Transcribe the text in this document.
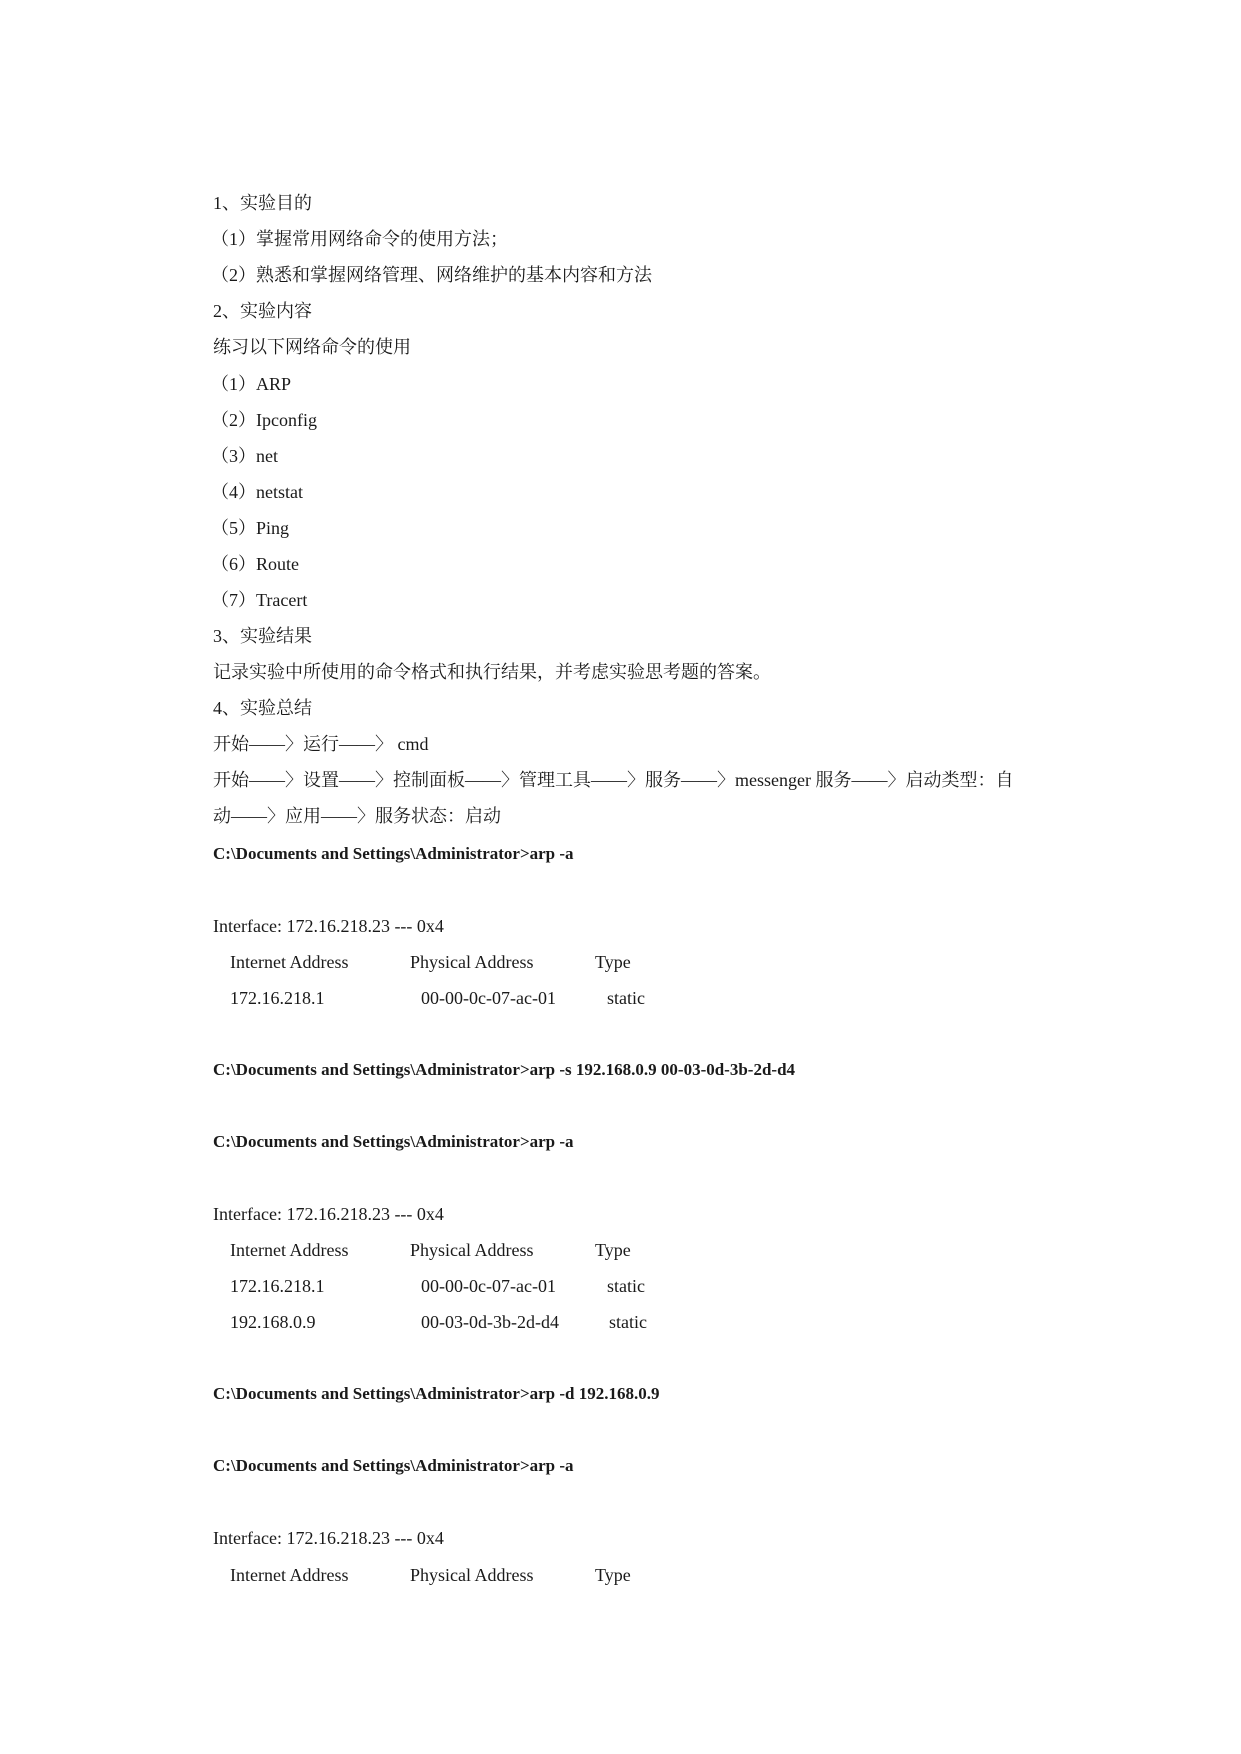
1、实验目的
（1）掌握常用网络命令的使用方法；
（2）熟悉和掌握网络管理、网络维护的基本内容和方法
2、实验内容
练习以下网络命令的使用
（1）ARP
（2）Ipconfig
（3）net
（4）netstat
（5）Ping
（6）Route
（7）Tracert
3、实验结果
记录实验中所使用的命令格式和执行结果，并考虑实验思考题的答案。
4、实验总结
开始——〉运行——〉 cmd
开始——〉设置——〉控制面板——〉管理工具——〉服务——〉messenger 服务——〉启动类型：自
动——〉应用——〉服务状态：启动
C:\Documents and Settings\Administrator>arp -a
Interface: 172.16.218.23 --- 0x4
Internet Address	Physical Address	Type
172.16.218.1	00-00-0c-07-ac-01	static
C:\Documents and Settings\Administrator>arp -s 192.168.0.9 00-03-0d-3b-2d-d4
C:\Documents and Settings\Administrator>arp -a
Interface: 172.16.218.23 --- 0x4
Internet Address	Physical Address	Type
172.16.218.1	00-00-0c-07-ac-01	static
192.168.0.9	00-03-0d-3b-2d-d4	static
C:\Documents and Settings\Administrator>arp -d 192.168.0.9
C:\Documents and Settings\Administrator>arp -a
Interface: 172.16.218.23 --- 0x4
Internet Address	Physical Address	Type
